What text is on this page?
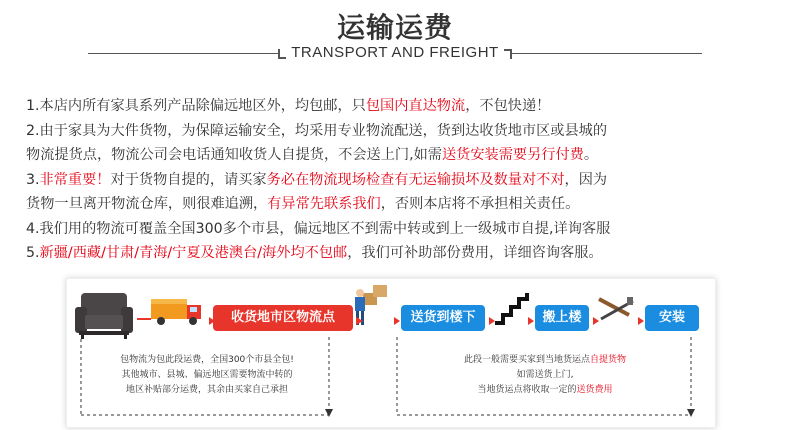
运输运费
TRANSPORT AND FREIGHT
1.本店内所有家具系列产品除偏远地区外，均包邮，只包国内直达物流，不包快递！
2.由于家具为大件货物，为保障运输安全，均采用专业物流配送，货到达收货地市区或县城的
物流提货点，物流公司会电话通知收货人自提货，不会送上门,如需送货安装需要另行付费。
3.非常重要！对于货物自提的，请买家务必在物流现场检查有无运输损坏及数量对不对，因为
货物一旦离开物流仓库，则很难追溯，有异常先联系我们，否则本店将不承担相关责任。
4.我们用的物流可覆盖全国300多个市县，偏远地区不到需中转或到上一级城市自提,详询客服
5.新疆/西藏/甘肃/青海/宁夏及港澳台/海外均不包邮，我们可补助部份费用，详细咨询客服。
收货地市区物流点	送货到楼下	搬上楼	安装
包物流为包此段运费，全国300个市县全包!
其他城市、县城、偏远地区需要物流中转的
地区补贴部分运费，其余由买家自己承担
此段一般需要买家到当地货运点自提货物
如需送货上门,
当地货运点将收取一定的送货费用
